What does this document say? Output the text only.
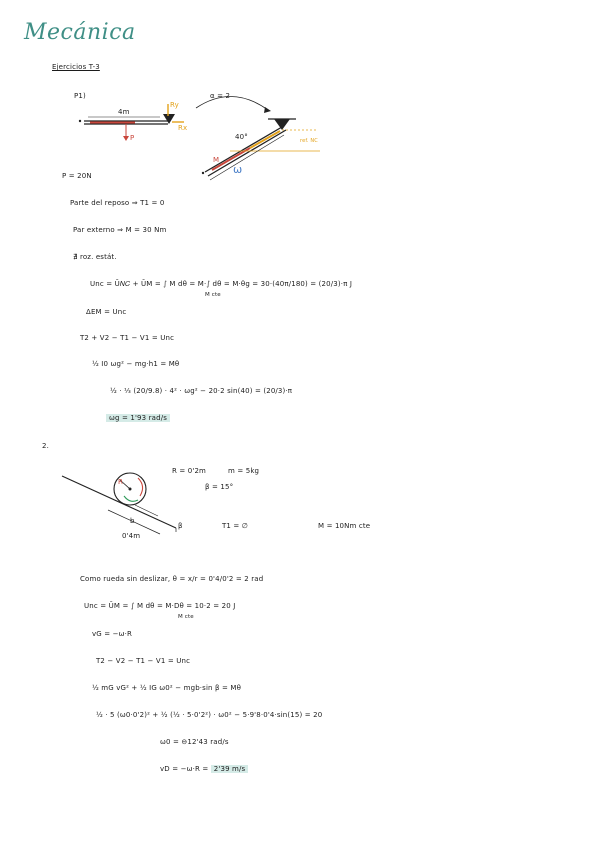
Mecánica
Ejercicios T-3
P1)
4m
Ry
Rx
P
α = 2
40°
M
ω
ref. NC
P = 20N
Parte del reposo ⇒ T1 = 0
Par externo ⇒ M = 30 Nm
∄ roz. estát.
Unc = Ū𝑁𝐶 + ŪM = ∫ M dθ = M·∫ dθ = M·θg = 30·(40π/180) = (20/3)·π J
M cte
ΔEM = Unc
T2 + V2 − T1 − V1 = Unc
½ I0 ωg² − mg·h1 = Mθ
½ · ⅓ (20/9.8) · 4² · ωg² − 20·2 sin(40) = (20/3)·π
ωg = 1'93 rad/s
2.
R
R = 0'2m	m = 5kg
β = 15°
b
0'4m
β	T1 = ∅	M = 10Nm cte
Como rueda sin deslizar, θ = x/r = 0'4/0'2 = 2 rad
Unc = ŪM = ∫ M dθ = M·Dθ = 10·2 = 20 J
M cte
vG = −ω·R
T2 − V2 − T1 − V1 = Unc
½ mG vG² + ½ IG ω0² − mgb·sin β = Mθ
½ · 5 (ω0·0'2)² + ½ (½ · 5·0'2²) · ω0² − 5·9'8·0'4·sin(15) = 20
ω0 = ⊖12'43 rad/s
vD = −ω·R = 2'39 m/s
